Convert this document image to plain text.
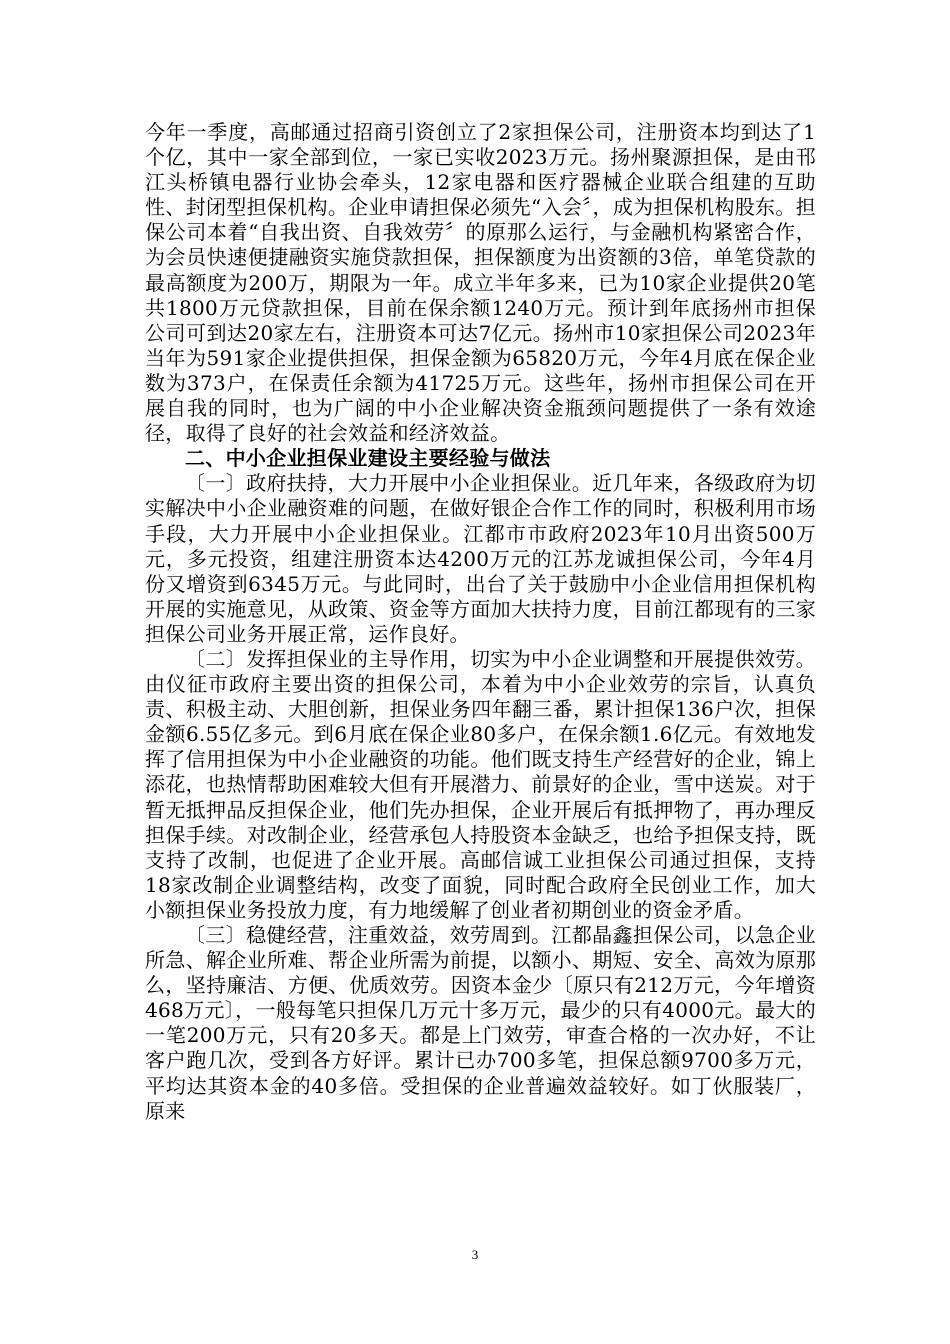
今年一季度，高邮通过招商引资创立了2家担保公司，注册资本均到达了1个亿，其中一家全部到位，一家已实收2023万元。扬州聚源担保，是由邗江头桥镇电器行业协会牵头，12家电器和医疗器械企业联合组建的互助性、封闭型担保机构。企业申请担保必须先“入会〞，成为担保机构股东。担保公司本着“自我出资、自我效劳〞的原那么运行，与金融机构紧密合作，为会员快速便捷融资实施贷款担保，担保额度为出资额的3倍，单笔贷款的最高额度为200万，期限为一年。成立半年多来，已为10家企业提供20笔共1800万元贷款担保，目前在保余额1240万元。预计到年底扬州市担保公司可到达20家左右，注册资本可达7亿元。扬州市10家担保公司2023年当年为591家企业提供担保，担保金额为65820万元，今年4月底在保企业数为373户，在保责任余额为41725万元。这些年，扬州市担保公司在开展自我的同时，也为广阔的中小企业解决资金瓶颈问题提供了一条有效途径，取得了良好的社会效益和经济效益。

二、中小企业担保业建设主要经验与做法

〔一〕政府扶持，大力开展中小企业担保业。近几年来，各级政府为切实解决中小企业融资难的问题，在做好银企合作工作的同时，积极利用市场手段，大力开展中小企业担保业。江都市市政府2023年10月出资500万元，多元投资，组建注册资本达4200万元的江苏龙诚担保公司，今年4月份又增资到6345万元。与此同时，出台了关于鼓励中小企业信用担保机构开展的实施意见，从政策、资金等方面加大扶持力度，目前江都现有的三家担保公司业务开展正常，运作良好。

〔二〕发挥担保业的主导作用，切实为中小企业调整和开展提供效劳。由仪征市政府主要出资的担保公司，本着为中小企业效劳的宗旨，认真负责、积极主动、大胆创新，担保业务四年翻三番，累计担保136户次，担保金额6.55亿多元。到6月底在保企业80多户，在保余额1.6亿元。有效地发挥了信用担保为中小企业融资的功能。他们既支持生产经营好的企业，锦上添花，也热情帮助困难较大但有开展潜力、前景好的企业，雪中送炭。对于暂无抵押品反担保企业，他们先办担保，企业开展后有抵押物了，再办理反担保手续。对改制企业，经营承包人持股资本金缺乏，也给予担保支持，既支持了改制，也促进了企业开展。高邮信诚工业担保公司通过担保，支持18家改制企业调整结构，改变了面貌，同时配合政府全民创业工作，加大小额担保业务投放力度，有力地缓解了创业者初期创业的资金矛盾。

〔三〕稳健经营，注重效益，效劳周到。江都晶鑫担保公司，以急企业所急、解企业所难、帮企业所需为前提，以额小、期短、安全、高效为原那么，坚持廉洁、方便、优质效劳。因资本金少〔原只有212万元，今年增资468万元〕，一般每笔只担保几万元十多万元，最少的只有4000元。最大的一笔200万元，只有20多天。都是上门效劳，审查合格的一次办好，不让客户跑几次，受到各方好评。累计已办700多笔，担保总额9700多万元，平均达其资本金的40多倍。受担保的企业普遍效益较好。如丁伙服装厂，原来

3
